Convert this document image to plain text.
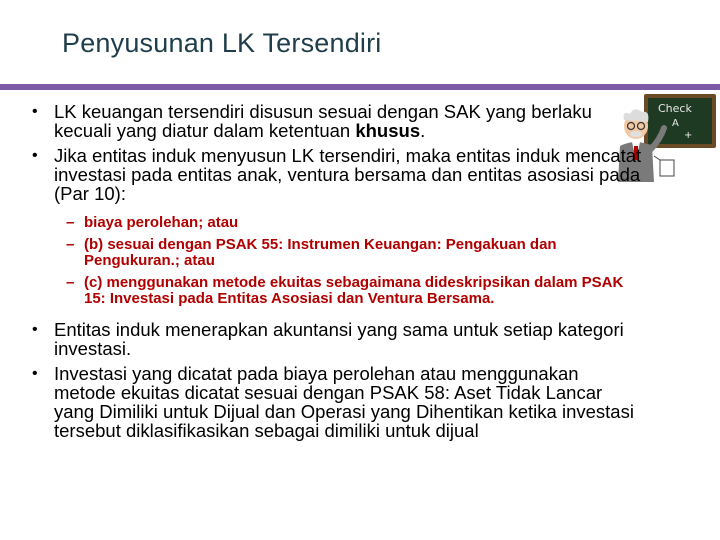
Penyusunan LK Tersendiri
Check
A
+
• LK keuangan tersendiri disusun sesuai dengan SAK yang berlaku kecuali yang diatur dalam ketentuan khusus.
• Jika entitas induk menyusun LK tersendiri, maka entitas induk mencatat investasi pada entitas anak, ventura bersama dan entitas asosiasi pada (Par 10):
– biaya perolehan; atau
– (b) sesuai dengan PSAK 55: Instrumen Keuangan: Pengakuan dan Pengukuran.; atau
– (c) menggunakan metode ekuitas sebagaimana dideskripsikan dalam PSAK 15: Investasi pada Entitas Asosiasi dan Ventura Bersama.
• Entitas induk menerapkan akuntansi yang sama untuk setiap kategori investasi.
• Investasi yang dicatat pada biaya perolehan atau menggunakan metode ekuitas dicatat sesuai dengan PSAK 58: Aset Tidak Lancar yang Dimiliki untuk Dijual dan Operasi yang Dihentikan ketika investasi tersebut diklasifikasikan sebagai dimiliki untuk dijual
